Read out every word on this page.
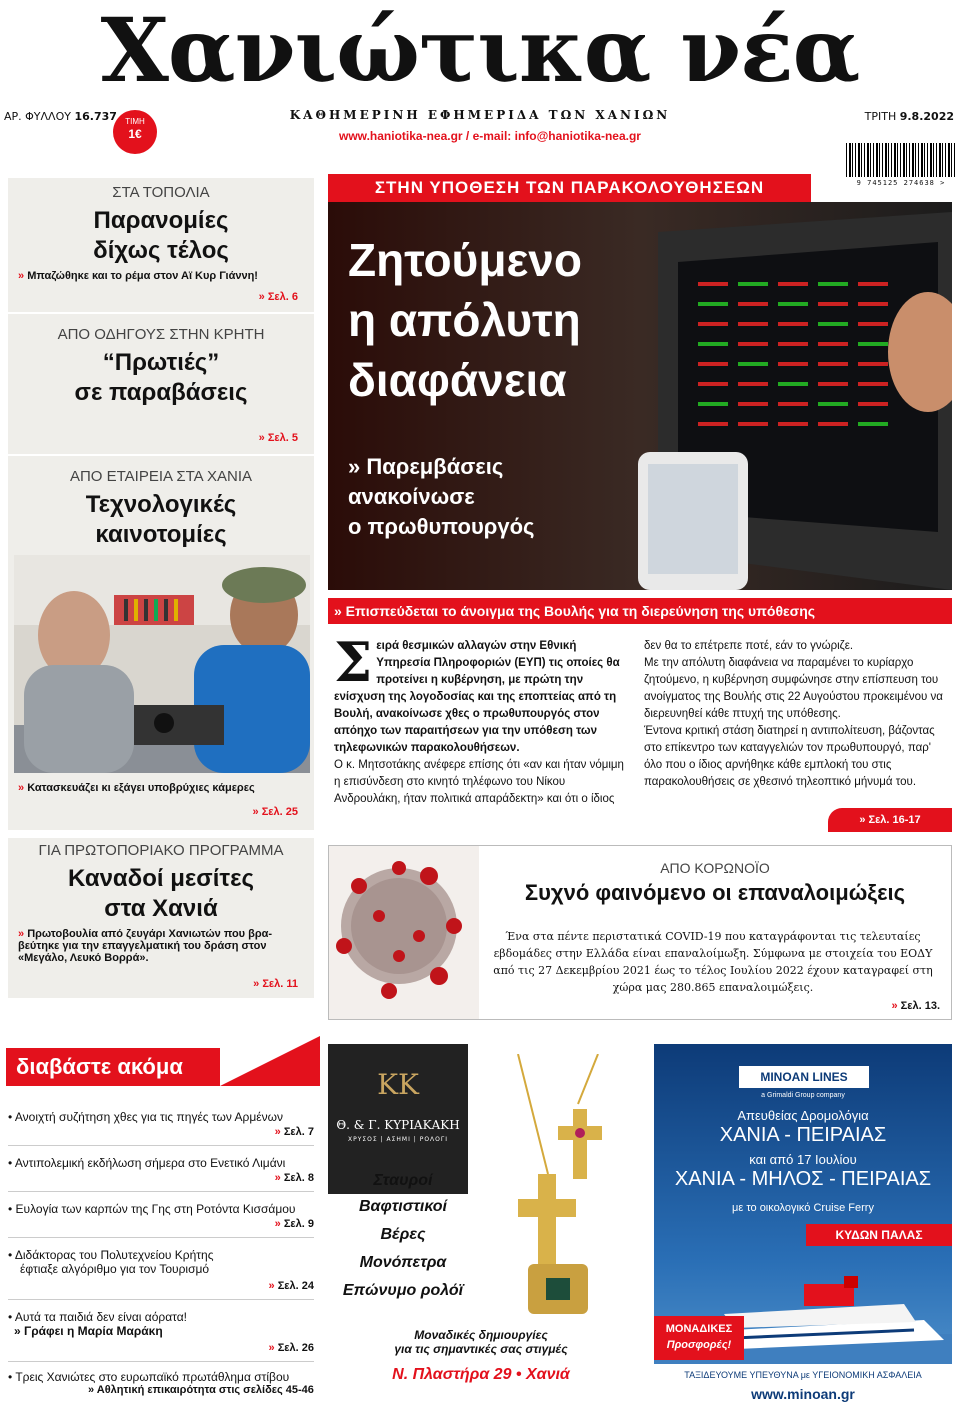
Χανιώτικα νέα
ΑΡ. ΦΥΛΛΟΥ 16.737	ΤΙΜΗ
1€
ΚΑΘΗΜΕΡΙΝΗ ΕΦΗΜΕΡΙΔΑ ΤΩΝ ΧΑΝΙΩΝ
www.haniotika-nea.gr / e-mail: info@haniotika-nea.gr
ΤΡΙΤΗ 9.8.2022
9 745125 274638 >
ΣΤΑ ΤΟΠΟΛΙΑ
Παρανομίες
δίχως τέλος
» Μπαζώθηκε και το ρέμα στον Αϊ Κυρ Γιάννη!
» Σελ. 6
ΑΠΟ ΟΔΗΓΟΥΣ ΣΤΗΝ ΚΡΗΤΗ
“Πρωτιές”
σε παραβάσεις
» Σελ. 5
ΑΠΟ ΕΤΑΙΡΕΙΑ ΣΤΑ ΧΑΝΙΑ
Τεχνολογικές
καινοτομίες
» Κατασκευάζει κι εξάγει υποβρύχιες κάμερες
» Σελ. 25
ΓΙΑ ΠΡΩΤΟΠΟΡΙΑΚΟ ΠΡΟΓΡΑΜΜΑ
Καναδοί μεσίτες
στα Χανιά
» Πρωτοβουλία από ζευγάρι Χανιωτών που βρα-
βεύτηκε για την επαγγελματική του δράση στον
«Μεγάλο, Λευκό Βορρά».
» Σελ. 11
ΣΤΗΝ ΥΠΟΘΕΣΗ ΤΩΝ ΠΑΡΑΚΟΛΟΥΘΗΣΕΩΝ
Ζητούμενο
η απόλυτη
διαφάνεια
» Παρεμβάσεις
ανακοίνωσε
ο πρωθυπουργός
» Επισπεύδεται το άνοιγμα της Βουλής για τη διερεύνηση της υπόθεσης
Σ ειρά θεσμικών αλλαγών στην Εθνική Υπηρεσία Πληροφοριών (ΕΥΠ) τις οποίες θα προτείνει η κυβέρνηση, με πρώτη την ενίσχυση της λογοδοσίας και της εποπτείας από τη Βουλή, ανακοίνωσε χθες ο πρωθυπουργός στον απόηχο των παραιτήσεων για την υπόθεση των τηλεφωνικών παρακολουθήσεων.
Ο κ. Μητσοτάκης ανέφερε επίσης ότι «αν και ήταν νόμιμη η επισύνδεση στο κινητό τηλέφωνο του Νίκου Ανδρουλάκη, ήταν πολιτικά απαράδεκτη» και ότι ο ίδιος
δεν θα το επέτρεπε ποτέ, εάν το γνώριζε.
Με την απόλυτη διαφάνεια να παραμένει το κυρίαρχο ζητούμενο, η κυβέρνηση συμφώνησε στην επίσπευση του ανοίγματος της Βουλής στις 22 Αυγούστου προκειμένου να διερευνηθεί κάθε πτυχή της υπόθεσης.
Έντονα κριτική στάση διατηρεί η αντιπολίτευση, βάζοντας στο επίκεντρο των καταγγελιών τον πρωθυπουργό, παρ' όλο που ο ίδιος αρνήθηκε κάθε εμπλοκή του στις παρακολουθήσεις σε χθεσινό τηλεοπτικό μήνυμά του.
» Σελ. 16-17
ΑΠΟ ΚΟΡΩΝΟΪΟ
Συχνό φαινόμενο οι επαναλοιμώξεις
Ένα στα πέντε περιστατικά COVID-19 που καταγράφονται τις τελευταίες εβδομάδες στην Ελλάδα είναι επαναλοίμωξη. Σύμφωνα με στοιχεία του ΕΟΔΥ από τις 27 Δεκεμβρίου 2021 έως το τέλος Ιουλίου 2022 έχουν καταγραφεί στη χώρα μας 280.865 επαναλοιμώξεις.
» Σελ. 13.
διαβάστε ακόμα
• Ανοιχτή συζήτηση χθες για τις πηγές των Αρμένων
» Σελ. 7
• Αντιπολεμική εκδήλωση σήμερα στο Ενετικό Λιμάνι
» Σελ. 8
• Ευλογία των καρπών της Γης στη Ροτόντα Κισσάμου
» Σελ. 9
• Διδάκτορας του Πολυτεχνείου Κρήτης
έφτιαξε αλγόριθμο για τον Τουρισμό
» Σελ. 24
• Αυτά τα παιδιά δεν είναι αόρατα!
» Γράφει η Μαρία Μαράκη
» Σελ. 26
• Τρεις Χανιώτες στο ευρωπαϊκό πρωτάθλημα στίβου
» Αθλητική επικαιρότητα στις σελίδες 45-46
KK
Θ. & Γ. ΚΥΡΙΑΚΑΚΗ
ΧΡΥΣΟΣ | ΑΣΗΜΙ | ΡΟΛΟΓΙ
Σταυροί
Βαφτιστικοί
Βέρες
Μονόπετρα
Επώνυμο ρολόϊ
Μοναδικές δημιουργίες
για τις σημαντικές σας στιγμές
Ν. Πλαστήρα 29 • Χανιά
MINOAN LINES
a Grimaldi Group company
Απευθείας Δρομολόγια
ΧΑΝΙΑ - ΠΕΙΡΑΙΑΣ
και από 17 Ιουλίου
ΧΑΝΙΑ - ΜΗΛΟΣ - ΠΕΙΡΑΙΑΣ
με το οικολογικό Cruise Ferry
ΚΥΔΩΝ ΠΑΛΑΣ
ΜΟΝΑΔΙΚΕΣ
Προσφορές!
ΤΑΞΙΔΕΥΟΥΜΕ ΥΠΕΥΘΥΝΑ με ΥΓΕΙΟΝΟΜΙΚΗ ΑΣΦΑΛΕΙΑ
www.minoan.gr
